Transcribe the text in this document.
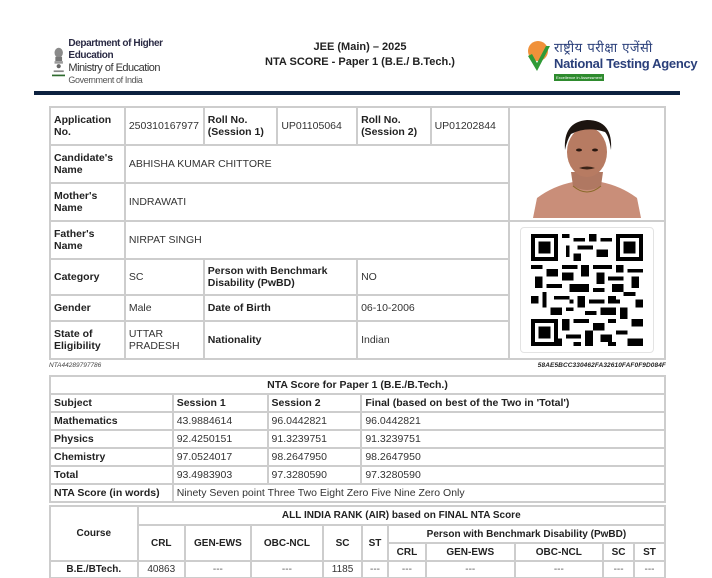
Department of Higher Education
Ministry of Education
Government of India
JEE (Main) – 2025
NTA SCORE - Paper 1 (B.E./ B.Tech.)
राष्ट्रीय परीक्षा एजेंसी
National Testing Agency
Excellence in Assessment
Application No.	250310167977	Roll No. (Session 1)	UP01105064	Roll No. (Session 2)	UP01202844	

Candidate's Name	ABHISHA KUMAR CHITTORE					
Mother's Name	INDRAWATI					
Father's Name	NIRPAT SINGH	

Category	SC	Person with Benchmark Disability (PwBD)		NO		
Gender	Male	Date of Birth		06-10-2006		
State of Eligibility	UTTAR PRADESH	Nationality		Indian		
NTA44289797786	58AE5BCC330462FA32610FAF0F9D084F
NTA Score for Paper 1 (B.E./B.Tech.)			
Subject	Session 1	Session 2	Final (based on best of the Two in 'Total')
Mathematics	43.9884614	96.0442821	96.0442821
Physics	92.4250151	91.3239751	91.3239751
Chemistry	97.0524017	98.2647950	98.2647950
Total	93.4983903	97.3280590	97.3280590
NTA Score (in words)	Ninety Seven point Three Two Eight Zero Five Nine Zero Only		
Course	ALL INDIA RANK (AIR) based on FINAL NTA Score									
	CRL	GEN-EWS	OBC-NCL	SC	ST	Person with Benchmark Disability (PwBD)				
						CRL	GEN-EWS	OBC-NCL	SC	ST
B.E./BTech.	40863	---	---	1185	---	---	---	---	---	---
